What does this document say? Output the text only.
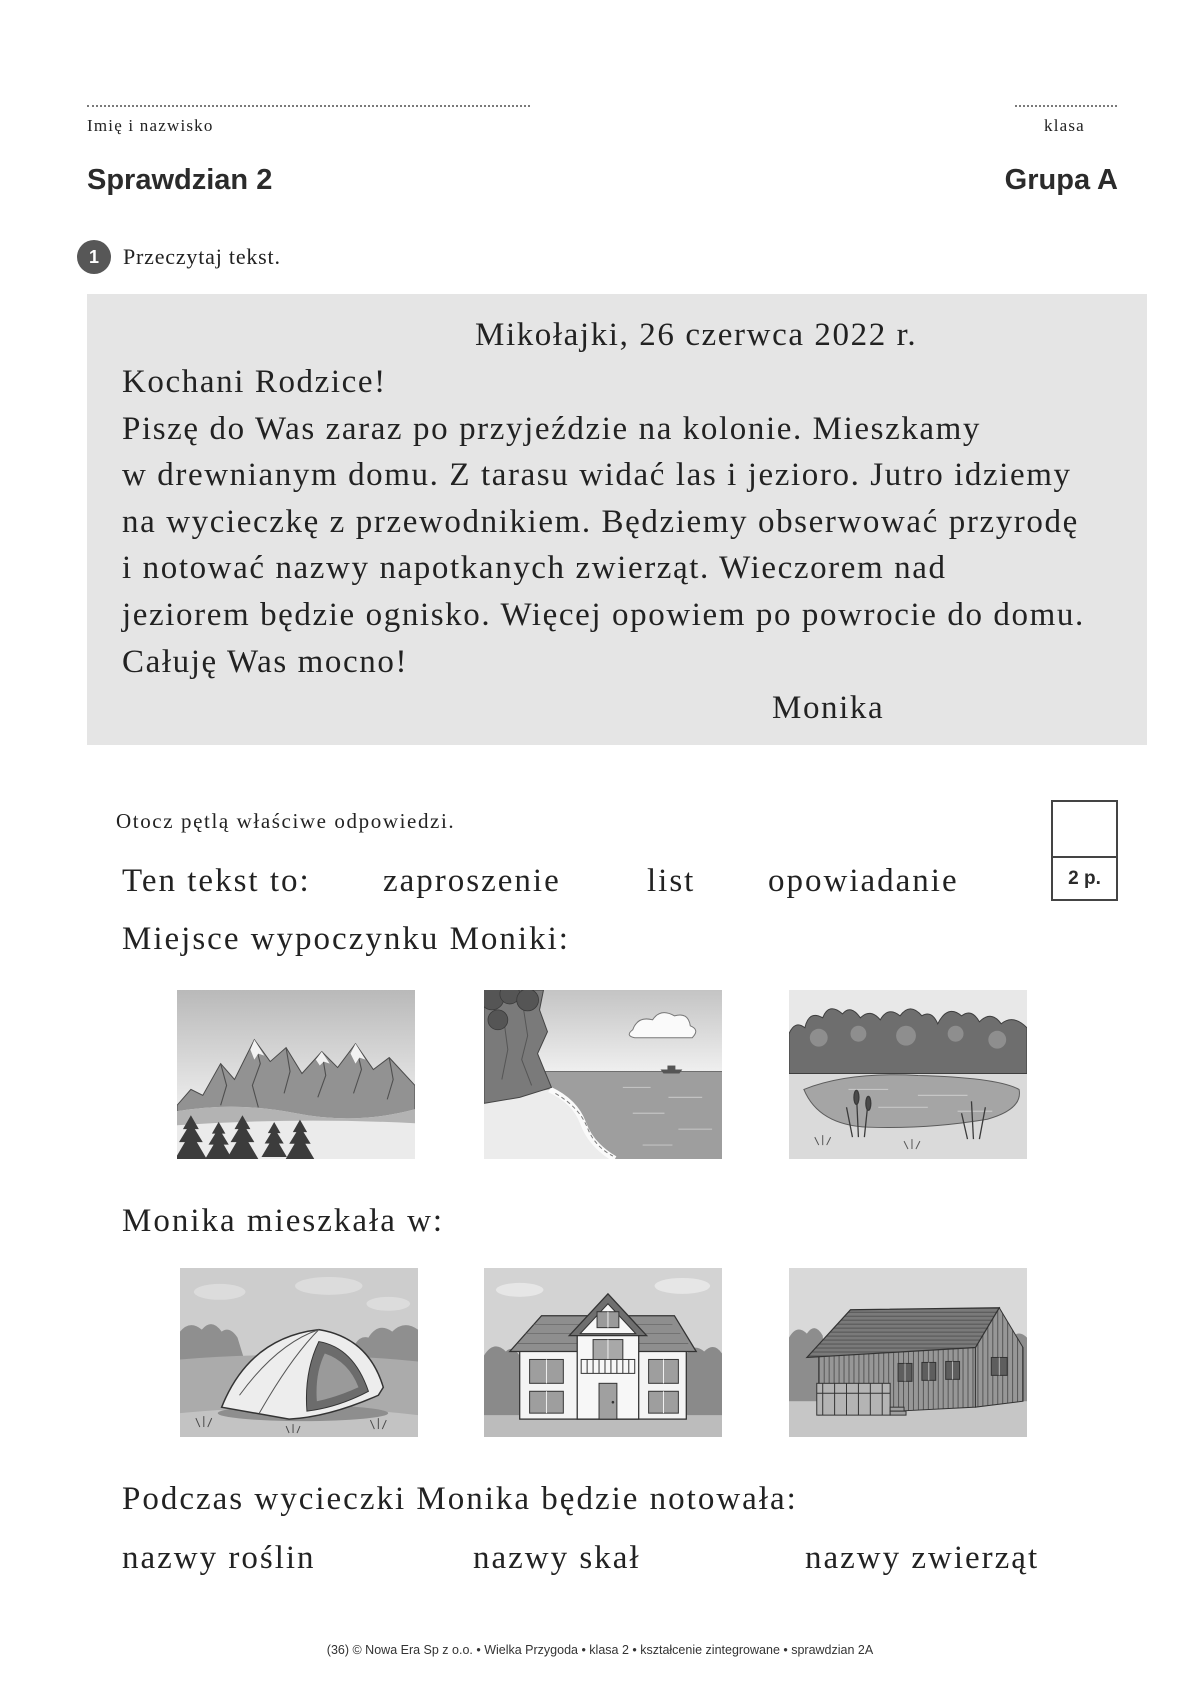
Imię i nazwisko	klasa
Sprawdzian 2	Grupa A
1	Przeczytaj tekst.
Mikołajki, 26 czerwca 2022 r.
Kochani Rodzice!
Piszę do Was zaraz po przyjeździe na kolonie. Mieszkamy
w drewnianym domu. Z tarasu widać las i jezioro. Jutro idziemy
na wycieczkę z przewodnikiem. Będziemy obserwować przyrodę
i notować nazwy napotkanych zwierząt. Wieczorem nad
jeziorem będzie ognisko. Więcej opowiem po powrocie do domu.
Całuję Was mocno!
Monika
Otocz pętlą właściwe odpowiedzi.
2 p.
Ten tekst to: zaproszenie	list opowiadanie
Miejsce wypoczynku Moniki:
Monika mieszkała w:
Podczas wycieczki Monika będzie notowała:
nazwy roślin	nazwy skał	nazwy zwierząt
(36) © Nowa Era Sp z o.o. • Wielka Przygoda • klasa 2 • kształcenie zintegrowane • sprawdzian 2A
